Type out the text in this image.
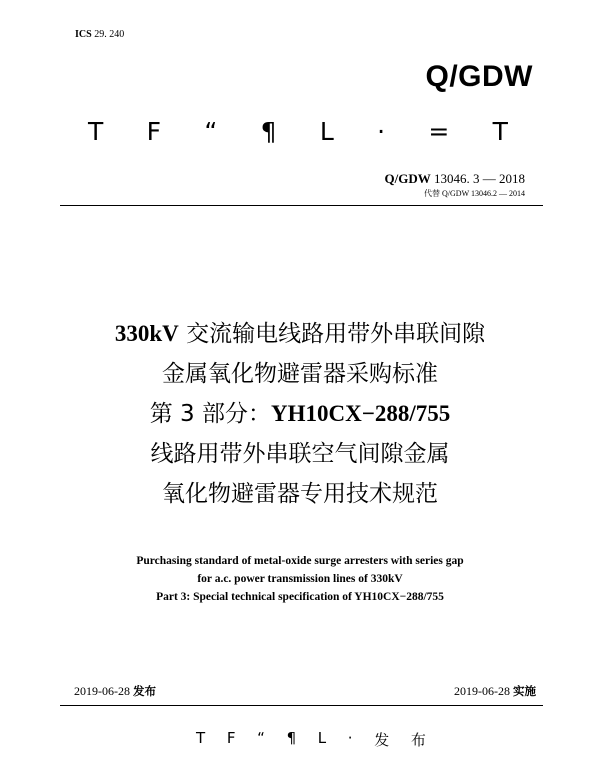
ICS 29. 240
Q/GDW
T F “ ¶ L · = T
Q/GDW 13046. 3 — 2018
代替 Q/GDW 13046.2 — 2014
330kV 交流输电线路用带外串联间隙
金属氧化物避雷器采购标准
第 3 部分：YH10CX−288/755
线路用带外串联空气间隙金属
氧化物避雷器专用技术规范
Purchasing standard of metal-oxide surge arresters with series gap
for a.c. power transmission lines of 330kV
Part 3: Special technical specification of YH10CX−288/755
2019-06-28 发布	2019-06-28 实施
T F “ ¶ L · 发 布
